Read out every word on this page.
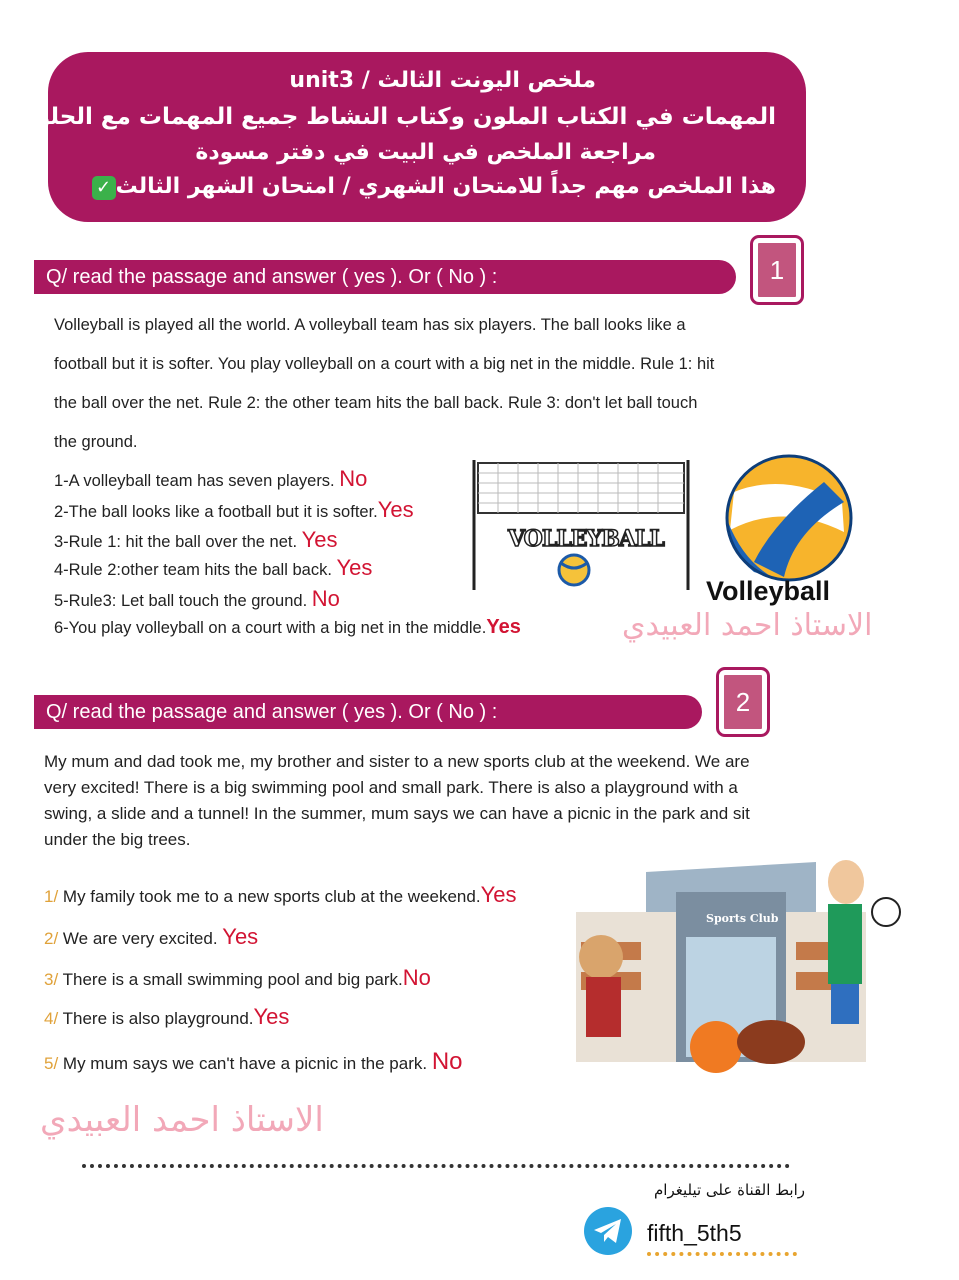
ملخص اليونت الثالث / unit3
المهمات في الكتاب الملون وكتاب النشاط جميع المهمات مع الحلول
مراجعة الملخص في البيت في دفتر مسودة
هذا الملخص مهم جداً للامتحان الشهري / امتحان الشهر الثالث✓
Q/ read the passage and answer ( yes ). Or ( No ) :	1
Volleyball is played all the world. A volleyball team has six players. The ball looks like a
football but it is softer. You play volleyball on a court with a big net in the middle. Rule 1: hit
the ball over the net. Rule 2: the other team hits the ball back. Rule 3: don't let ball touch
the ground.
1-A volleyball team has seven players. No
2-The ball looks like a football but it is softer.Yes
3-Rule 1: hit the ball over the net. Yes
4-Rule 2:other team hits the ball back. Yes
5-Rule3: Let ball touch the ground. No
6-You play volleyball on a court with a big net in the middle.Yes
VOLLEYBALL
Volleyball
الاستاذ احمد العبيدي
Q/ read the passage and answer ( yes ). Or ( No ) :	2
My mum and dad took me, my brother and sister to a new sports club at the weekend. We are
very excited! There is a big swimming pool and small park. There is also a playground with a
swing, a slide and a tunnel! In the summer, mum says we can have a picnic in the park and sit
under the big trees.
1/ My family took me to a new sports club at the weekend.Yes
2/ We are very excited. Yes
3/ There is a small swimming pool and big park.No
4/ There is also playground.Yes
5/ My mum says we can't have a picnic in the park. No
Sports Club
الاستاذ احمد العبيدي
رابط القناة على تيليغرام
fifth_5th5
